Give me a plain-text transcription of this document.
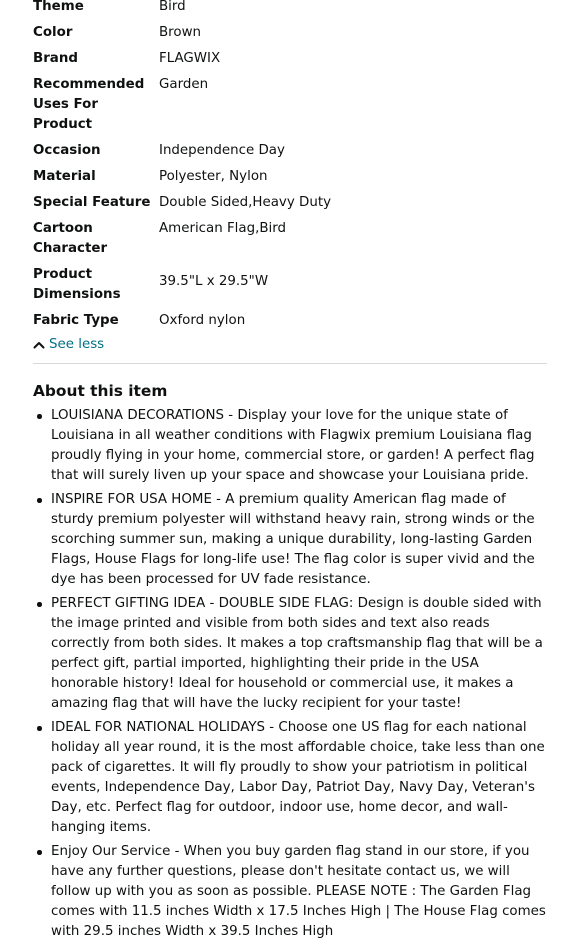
Theme	Bird
Color	Brown
Brand	FLAGWIX
Recommended Uses For Product	Garden
Occasion	Independence Day
Material	Polyester, Nylon
Special Feature	Double Sided,Heavy Duty
Cartoon Character	American Flag,Bird
Product Dimensions	39.5"L x 29.5"W
Fabric Type	Oxford nylon
See less
About this item
LOUISIANA DECORATIONS - Display your love for the unique state of Louisiana in all weather conditions with Flagwix premium Louisiana flag proudly flying in your home, commercial store, or garden! A perfect flag that will surely liven up your space and showcase your Louisiana pride.
INSPIRE FOR USA HOME - A premium quality American flag made of sturdy premium polyester will withstand heavy rain, strong winds or the scorching summer sun, making a unique durability, long-lasting Garden Flags, House Flags for long-life use! The flag color is super vivid and the dye has been processed for UV fade resistance.
PERFECT GIFTING IDEA - DOUBLE SIDE FLAG: Design is double sided with the image printed and visible from both sides and text also reads correctly from both sides. It makes a top craftsmanship flag that will be a perfect gift, partial imported, highlighting their pride in the USA honorable history! Ideal for household or commercial use, it makes a amazing flag that will have the lucky recipient for your taste!
IDEAL FOR NATIONAL HOLIDAYS - Choose one US flag for each national holiday all year round, it is the most affordable choice, take less than one pack of cigarettes. It will fly proudly to show your patriotism in political events, Independence Day, Labor Day, Patriot Day, Navy Day, Veteran's Day, etc. Perfect flag for outdoor, indoor use, home decor, and wall-hanging items.
Enjoy Our Service - When you buy garden flag stand in our store, if you have any further questions, please don't hesitate contact us, we will follow up with you as soon as possible. PLEASE NOTE : The Garden Flag comes with 11.5 inches Width x 17.5 Inches High | The House Flag comes with 29.5 inches Width x 39.5 Inches High
